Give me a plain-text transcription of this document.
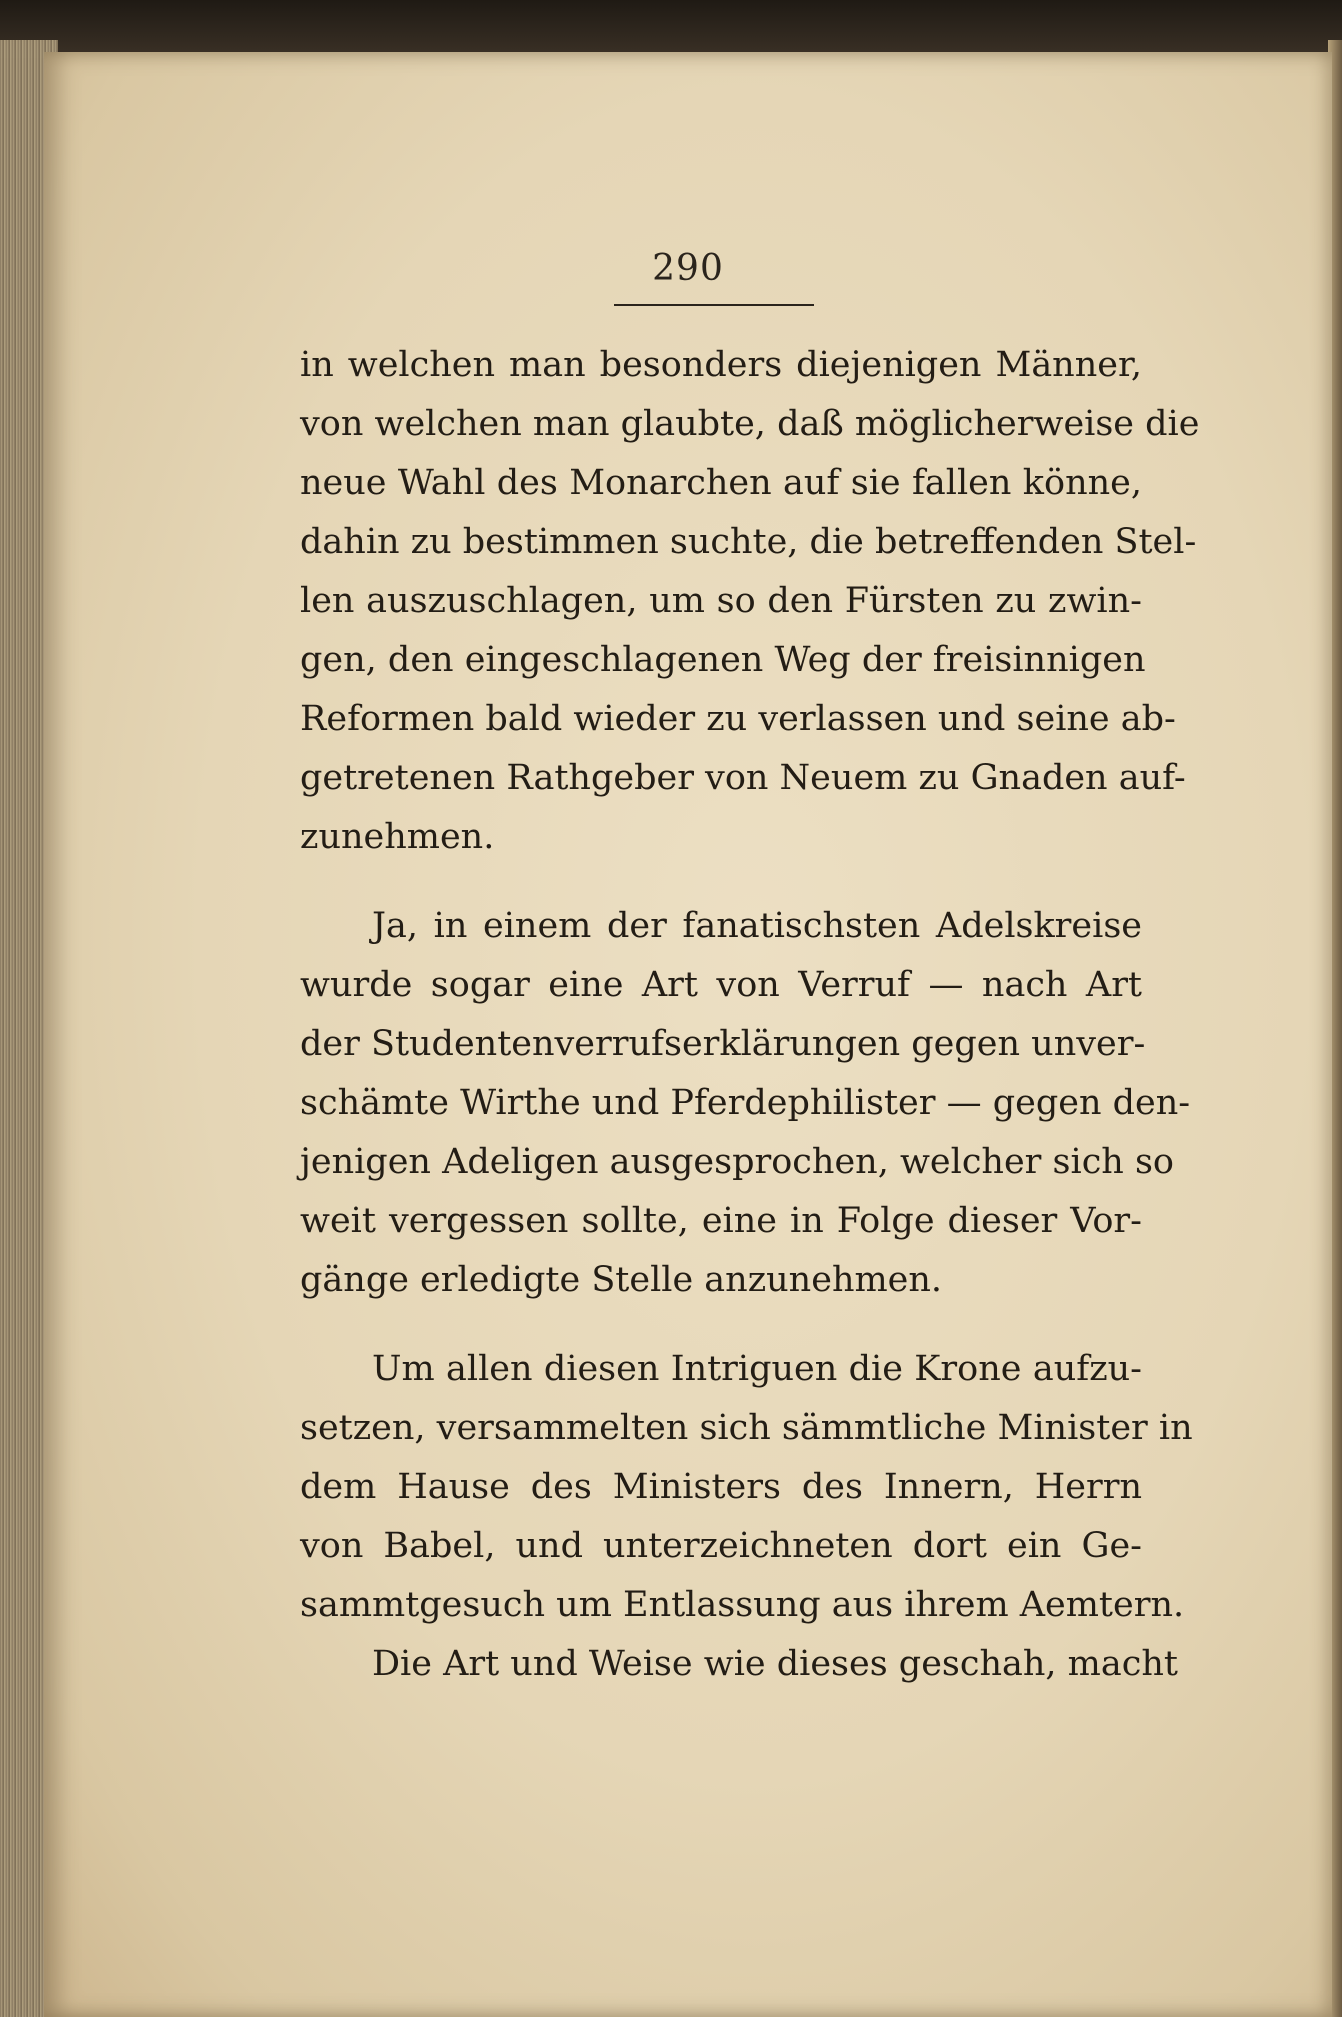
290
in welchen man besonders diejenigen Männer,
von welchen man glaubte, daß möglicherweise die
neue Wahl des Monarchen auf sie fallen könne,
dahin zu bestimmen suchte, die betreffenden Stel-
len auszuschlagen, um so den Fürsten zu zwin-
gen, den eingeschlagenen Weg der freisinnigen
Reformen bald wieder zu verlassen und seine ab-
getretenen Rathgeber von Neuem zu Gnaden auf-
zunehmen.
Ja, in einem der fanatischsten Adelskreise
wurde sogar eine Art von Verruf — nach Art
der Studentenverrufserklärungen gegen unver-
schämte Wirthe und Pferdephilister — gegen den-
jenigen Adeligen ausgesprochen, welcher sich so
weit vergessen sollte, eine in Folge dieser Vor-
gänge erledigte Stelle anzunehmen.
Um allen diesen Intriguen die Krone aufzu-
setzen, versammelten sich sämmtliche Minister in
dem Hause des Ministers des Innern, Herrn
von Babel, und unterzeichneten dort ein Ge-
sammtgesuch um Entlassung aus ihrem Aemtern.
Die Art und Weise wie dieses geschah, macht
